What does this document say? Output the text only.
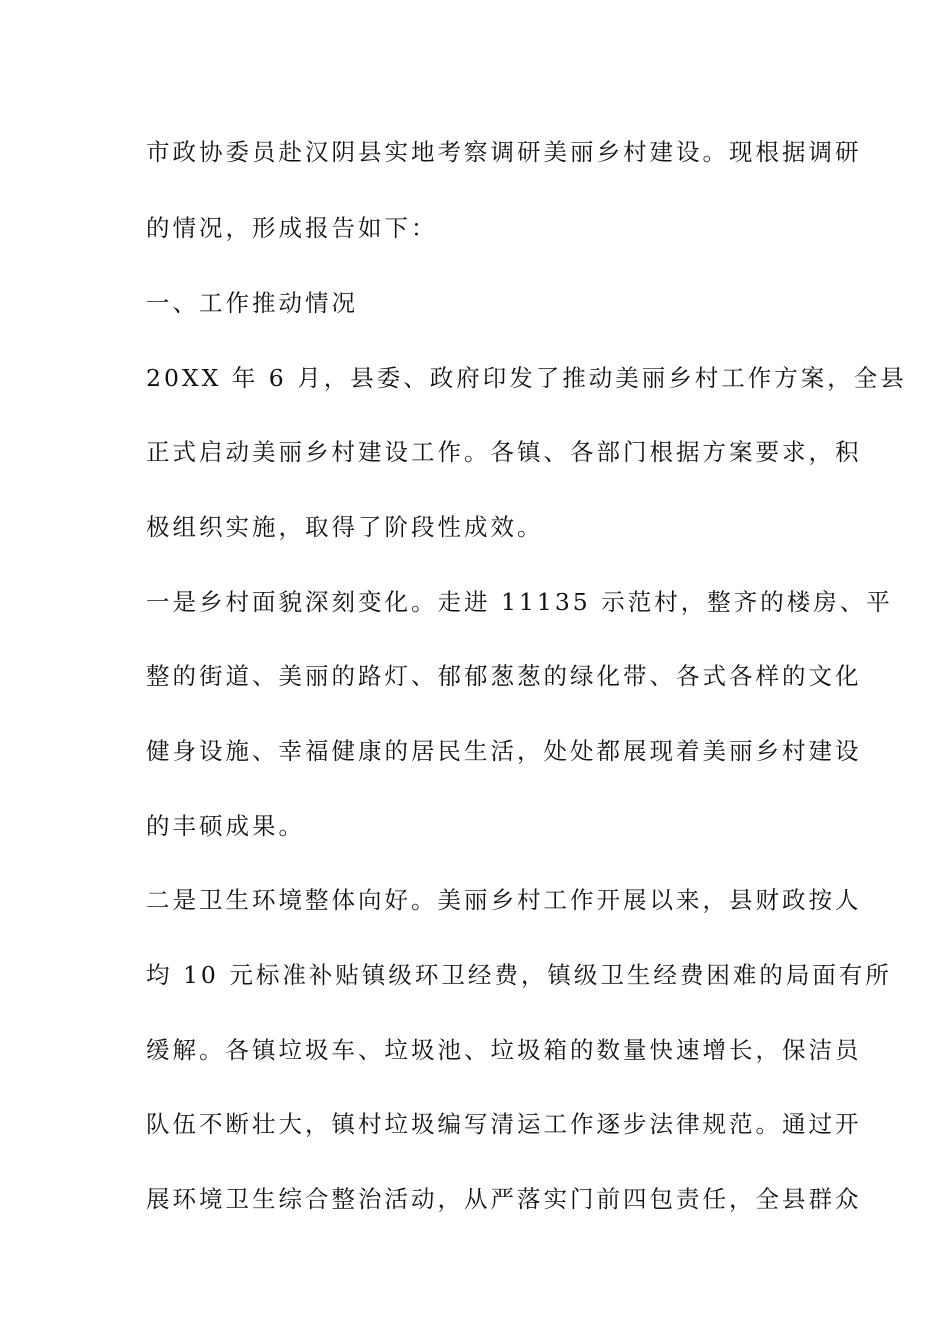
市政协委员赴汉阴县实地考察调研美丽乡村建设。现根据调研
的情况，形成报告如下：
一、工作推动情况
20XX 年 6 月，县委、政府印发了推动美丽乡村工作方案，全县
正式启动美丽乡村建设工作。各镇、各部门根据方案要求，积
极组织实施，取得了阶段性成效。
一是乡村面貌深刻变化。走进 11135 示范村，整齐的楼房、平
整的街道、美丽的路灯、郁郁葱葱的绿化带、各式各样的文化
健身设施、幸福健康的居民生活，处处都展现着美丽乡村建设
的丰硕成果。
二是卫生环境整体向好。美丽乡村工作开展以来，县财政按人
均 10 元标准补贴镇级环卫经费，镇级卫生经费困难的局面有所
缓解。各镇垃圾车、垃圾池、垃圾箱的数量快速增长，保洁员
队伍不断壮大，镇村垃圾编写清运工作逐步法律规范。通过开
展环境卫生综合整治活动，从严落实门前四包责任，全县群众
